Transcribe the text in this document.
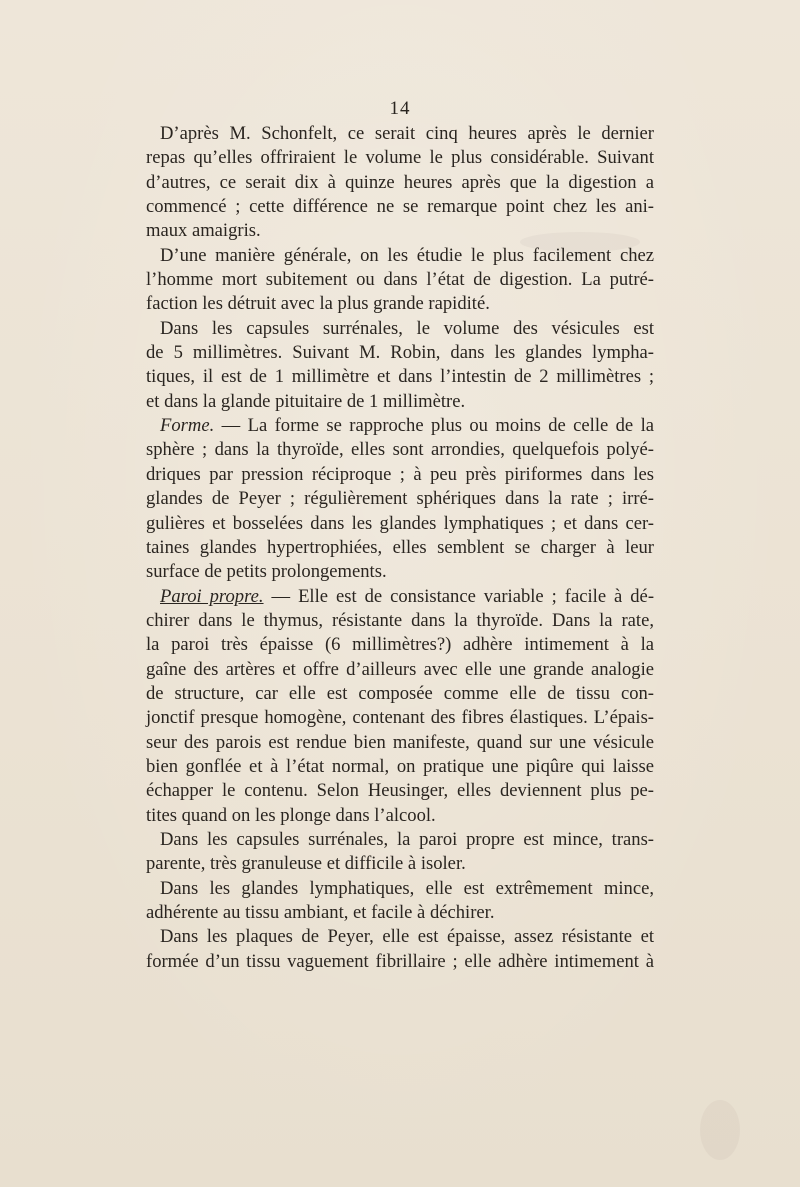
14
D’après M. Schonfelt, ce serait cinq heures après le dernier
repas qu’elles offriraient le volume le plus considérable. Suivant
d’autres, ce serait dix à quinze heures après que la digestion a
commencé ; cette différence ne se remarque point chez les ani-
maux amaigris.
D’une manière générale, on les étudie le plus facilement chez
l’homme mort subitement ou dans l’état de digestion. La putré-
faction les détruit avec la plus grande rapidité.
Dans les capsules surrénales, le volume des vésicules est
de 5 millimètres. Suivant M. Robin, dans les glandes lympha-
tiques, il est de 1 millimètre et dans l’intestin de 2 millimètres ;
et dans la glande pituitaire de 1 millimètre.
Forme. — La forme se rapproche plus ou moins de celle de la
sphère ; dans la thyroïde, elles sont arrondies, quelquefois polyé-
driques par pression réciproque ; à peu près piriformes dans les
glandes de Peyer ; régulièrement sphériques dans la rate ; irré-
gulières et bosselées dans les glandes lymphatiques ; et dans cer-
taines glandes hypertrophiées, elles semblent se charger à leur
surface de petits prolongements.
Paroi propre. — Elle est de consistance variable ; facile à dé-
chirer dans le thymus, résistante dans la thyroïde. Dans la rate,
la paroi très épaisse (6 millimètres?) adhère intimement à la
gaîne des artères et offre d’ailleurs avec elle une grande analogie
de structure, car elle est composée comme elle de tissu con-
jonctif presque homogène, contenant des fibres élastiques. L’épais-
seur des parois est rendue bien manifeste, quand sur une vésicule
bien gonflée et à l’état normal, on pratique une piqûre qui laisse
échapper le contenu. Selon Heusinger, elles deviennent plus pe-
tites quand on les plonge dans l’alcool.
Dans les capsules surrénales, la paroi propre est mince, trans-
parente, très granuleuse et difficile à isoler.
Dans les glandes lymphatiques, elle est extrêmement mince,
adhérente au tissu ambiant, et facile à déchirer.
Dans les plaques de Peyer, elle est épaisse, assez résistante et
formée d’un tissu vaguement fibrillaire ; elle adhère intimement à
